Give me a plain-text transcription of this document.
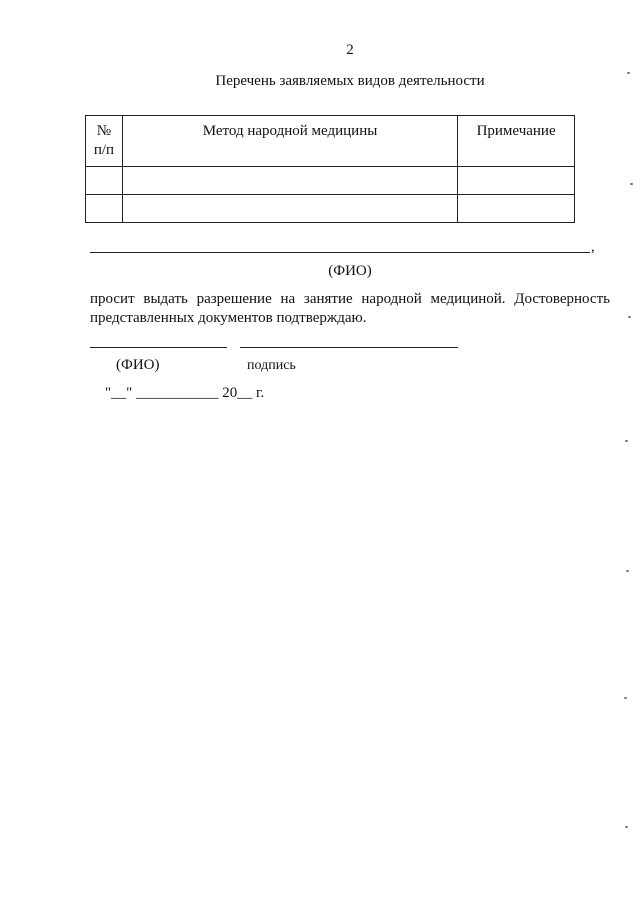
2
Перечень заявляемых видов деятельности
№
п/п	Метод народной медицины	Примечание

,
(ФИО)
просит выдать разрешение на занятие народной медициной. Достоверность представленных документов подтверждаю.
(ФИО)	подпись
"__" ___________ 20__ г.
